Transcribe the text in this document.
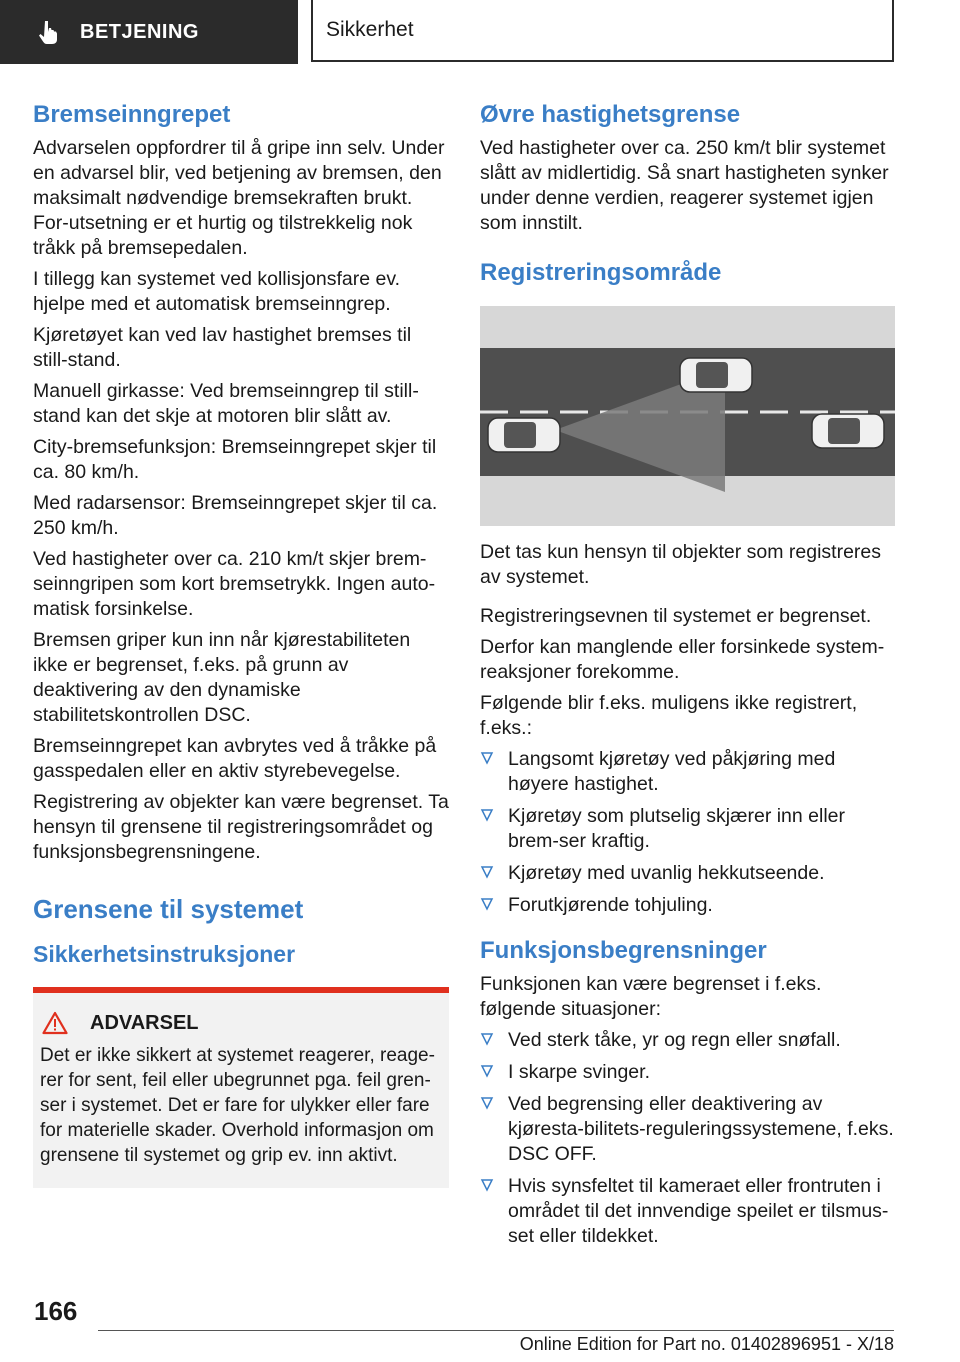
BETJENING	Sikkerhet
Bremseinngrepet

Advarselen oppfordrer til å gripe inn selv. Under en advarsel blir, ved betjening av bremsen, den maksimalt nødvendige bremsekraften brukt. For-utsetning er et hurtig og tilstrekkelig nok tråkk på bremsepedalen.

I tillegg kan systemet ved kollisjonsfare ev. hjelpe med et automatisk bremseinngrep.

Kjøretøyet kan ved lav hastighet bremses til still-stand.

Manuell girkasse: Ved bremseinngrep til still-stand kan det skje at motoren blir slått av.

City-bremsefunksjon: Bremseinngrepet skjer til ca. 80 km/h.

Med radarsensor: Bremseinngrepet skjer til ca. 250 km/h.

Ved hastigheter over ca. 210 km/t skjer brem-seinngripen som kort bremsetrykk. Ingen auto-matisk forsinkelse.

Bremsen griper kun inn når kjørestabiliteten ikke er begrenset, f.eks. på grunn av deaktivering av den dynamiske stabilitetskontrollen DSC.

Bremseinngrepet kan avbrytes ved å tråkke på gasspedalen eller en aktiv styrebevegelse.

Registrering av objekter kan være begrenset. Ta hensyn til grensene til registreringsområdet og funksjonsbegrensningene.

Grensene til systemet
Sikkerhetsinstruksjoner
ADVARSEL

Det er ikke sikkert at systemet reagerer, reage-rer for sent, feil eller ubegrunnet pga. feil gren-ser i systemet. Det er fare for ulykker eller fare for materielle skader. Overhold informasjon om grensene til systemet og grip ev. inn aktivt.

Øvre hastighetsgrense

Ved hastigheter over ca. 250 km/t blir systemet slått av midlertidig. Så snart hastigheten synker under denne verdien, reagerer systemet igjen som innstilt.

Registreringsområde

Det tas kun hensyn til objekter som registreres av systemet.

Registreringsevnen til systemet er begrenset.

Derfor kan manglende eller forsinkede system-reaksjoner forekomme.

Følgende blir f.eks. muligens ikke registrert, f.eks.:

Langsomt kjøretøy ved påkjøring med høyere hastighet.
Kjøretøy som plutselig skjærer inn eller brem-ser kraftig.
Kjøretøy med uvanlig hekkutseende.
Forutkjørende tohjuling.
Funksjonsbegrensninger

Funksjonen kan være begrenset i f.eks. følgende situasjoner:

Ved sterk tåke, yr og regn eller snøfall.
I skarpe svinger.
Ved begrensing eller deaktivering av kjøresta-bilitets-reguleringssystemene, f.eks. DSC OFF.
Hvis synsfeltet til kameraet eller frontruten i området til det innvendige speilet er tilsmus-set eller tildekket.
166
Online Edition for Part no. 01402896951 - X/18
